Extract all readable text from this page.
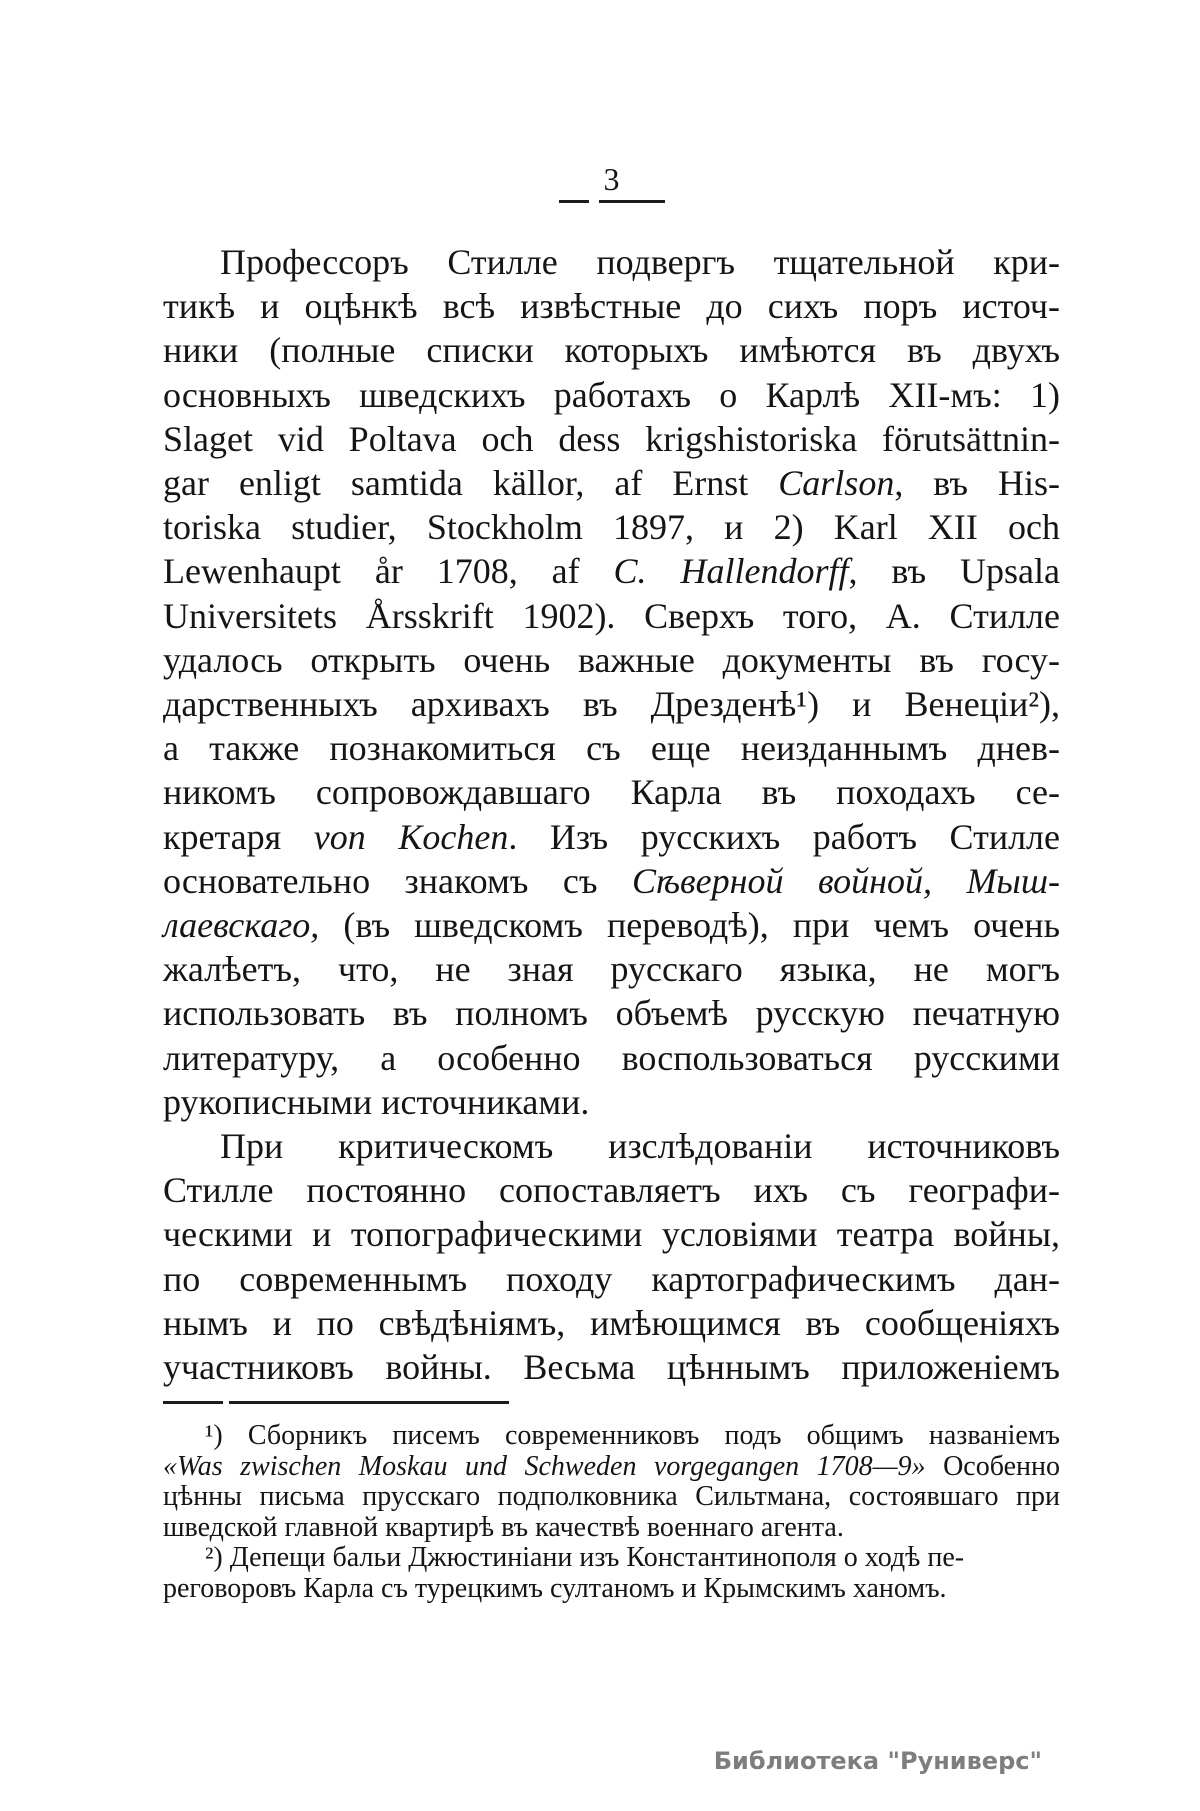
3
Профессоръ Стилле подвергъ тщательной кри-
тикѣ и оцѣнкѣ всѣ извѣстные до сихъ поръ источ-
ники (полные списки которыхъ имѣются въ двухъ
основныхъ шведскихъ работахъ о Карлѣ XII-мъ: 1)
Slaget vid Poltava och dess krigshistoriska förutsättnin-
gar enligt samtida källor, af Ernst Carlson, въ His-
toriska studier, Stockholm 1897, и 2) Karl XII och
Lewenhaupt år 1708, af C. Hallendorff, въ Upsala
Universitets Årsskrift 1902). Сверхъ того, А. Стилле
удалось открыть очень важные документы въ госу-
дарственныхъ архивахъ въ Дрезденѣ¹) и Венеціи²),
а также познакомиться съ еще неизданнымъ днев-
никомъ сопровождавшаго Карла въ походахъ се-
кретаря von Kochen. Изъ русскихъ работъ Стилле
основательно знакомъ съ Сѣверной войной, Мыш-
лаевскаго, (въ шведскомъ переводѣ), при чемъ очень
жалѣетъ, что, не зная русскаго языка, не могъ
использовать въ полномъ объемѣ русскую печатную
литературу, а особенно воспользоваться русскими
рукописными источниками.
При критическомъ изслѣдованіи источниковъ
Стилле постоянно сопоставляетъ ихъ съ географи-
ческими и топографическими условіями театра войны,
по современнымъ походу картографическимъ дан-
нымъ и по свѣдѣніямъ, имѣющимся въ сообщеніяхъ
участниковъ войны. Весьма цѣннымъ приложеніемъ
¹) Сборникъ писемъ современниковъ подъ общимъ названіемъ
«Was zwischen Moskau und Schweden vorgegangen 1708—9» Особенно
цѣнны письма прусскаго подполковника Сильтмана, состоявшаго при
шведской главной квартирѣ въ качествѣ военнаго агента.
²) Депещи бальи Джюстиніани изъ Константинополя о ходѣ пе-
реговоровъ Карла съ турецкимъ султаномъ и Крымскимъ ханомъ.
Библиотека "Руниверс"
